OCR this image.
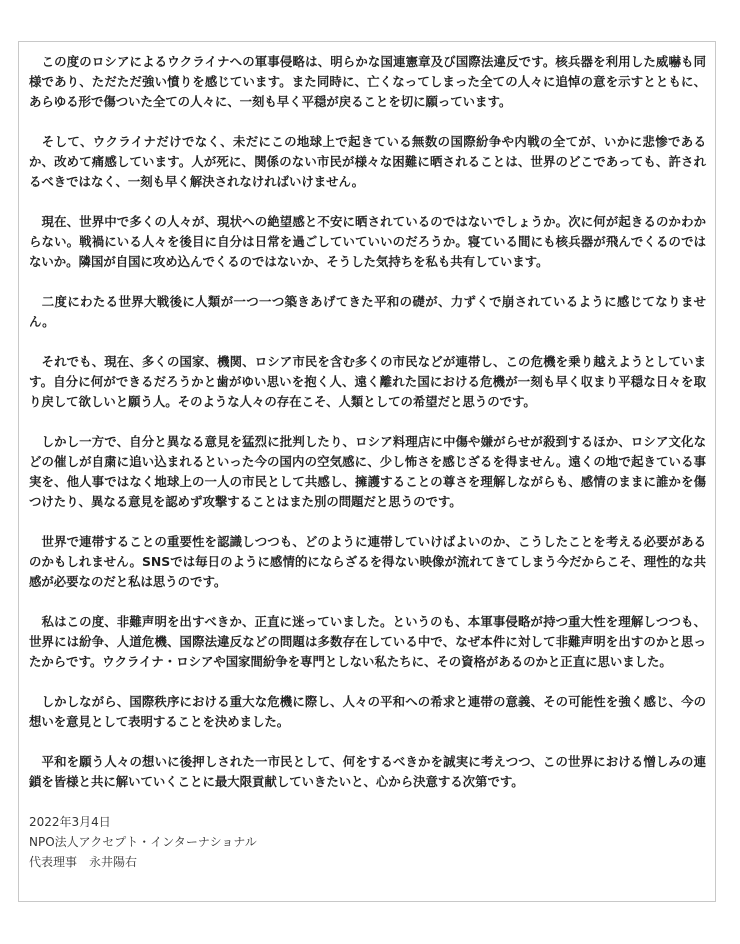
　この度のロシアによるウクライナへの軍事侵略は、明らかな国連憲章及び国際法違反です。核兵器を利用した威嚇も同様であり、ただただ強い憤りを感じています。また同時に、亡くなってしまった全ての人々に追悼の意を示すとともに、あらゆる形で傷ついた全ての人々に、一刻も早く平穏が戻ることを切に願っています。

　そして、ウクライナだけでなく、未だにこの地球上で起きている無数の国際紛争や内戦の全てが、いかに悲惨であるか、改めて痛感しています。人が死に、関係のない市民が様々な困難に晒されることは、世界のどこであっても、許されるべきではなく、一刻も早く解決されなければいけません。

　現在、世界中で多くの人々が、現状への絶望感と不安に晒されているのではないでしょうか。次に何が起きるのかわからない。戦禍にいる人々を後目に自分は日常を過ごしていていいのだろうか。寝ている間にも核兵器が飛んでくるのではないか。隣国が自国に攻め込んでくるのではないか、そうした気持ちを私も共有しています。

　二度にわたる世界大戦後に人類が一つ一つ築きあげてきた平和の礎が、力ずくで崩されているように感じてなりません。

　それでも、現在、多くの国家、機関、ロシア市民を含む多くの市民などが連帯し、この危機を乗り越えようとしています。自分に何ができるだろうかと歯がゆい思いを抱く人、遠く離れた国における危機が一刻も早く収まり平穏な日々を取り戻して欲しいと願う人。そのような人々の存在こそ、人類としての希望だと思うのです。

　しかし一方で、自分と異なる意見を猛烈に批判したり、ロシア料理店に中傷や嫌がらせが殺到するほか、ロシア文化などの催しが自粛に追い込まれるといった今の国内の空気感に、少し怖さを感じざるを得ません。遠くの地で起きている事実を、他人事ではなく地球上の一人の市民として共感し、擁護することの尊さを理解しながらも、感情のままに誰かを傷つけたり、異なる意見を認めず攻撃することはまた別の問題だと思うのです。

　世界で連帯することの重要性を認識しつつも、どのように連帯していけばよいのか、こうしたことを考える必要があるのかもしれません。SNSでは毎日のように感情的にならざるを得ない映像が流れてきてしまう今だからこそ、理性的な共感が必要なのだと私は思うのです。

　私はこの度、非難声明を出すべきか、正直に迷っていました。というのも、本軍事侵略が持つ重大性を理解しつつも、世界には紛争、人道危機、国際法違反などの問題は多数存在している中で、なぜ本件に対して非難声明を出すのかと思ったからです。ウクライナ・ロシアや国家間紛争を専門としない私たちに、その資格があるのかと正直に思いました。

　しかしながら、国際秩序における重大な危機に際し、人々の平和への希求と連帯の意義、その可能性を強く感じ、今の想いを意見として表明することを決めました。

　平和を願う人々の想いに後押しされた一市民として、何をするべきかを誠実に考えつつ、この世界における憎しみの連鎖を皆様と共に解いていくことに最大限貢献していきたいと、心から決意する次第です。

2022年3月4日
NPO法人アクセプト・インターナショナル
代表理事　永井陽右
